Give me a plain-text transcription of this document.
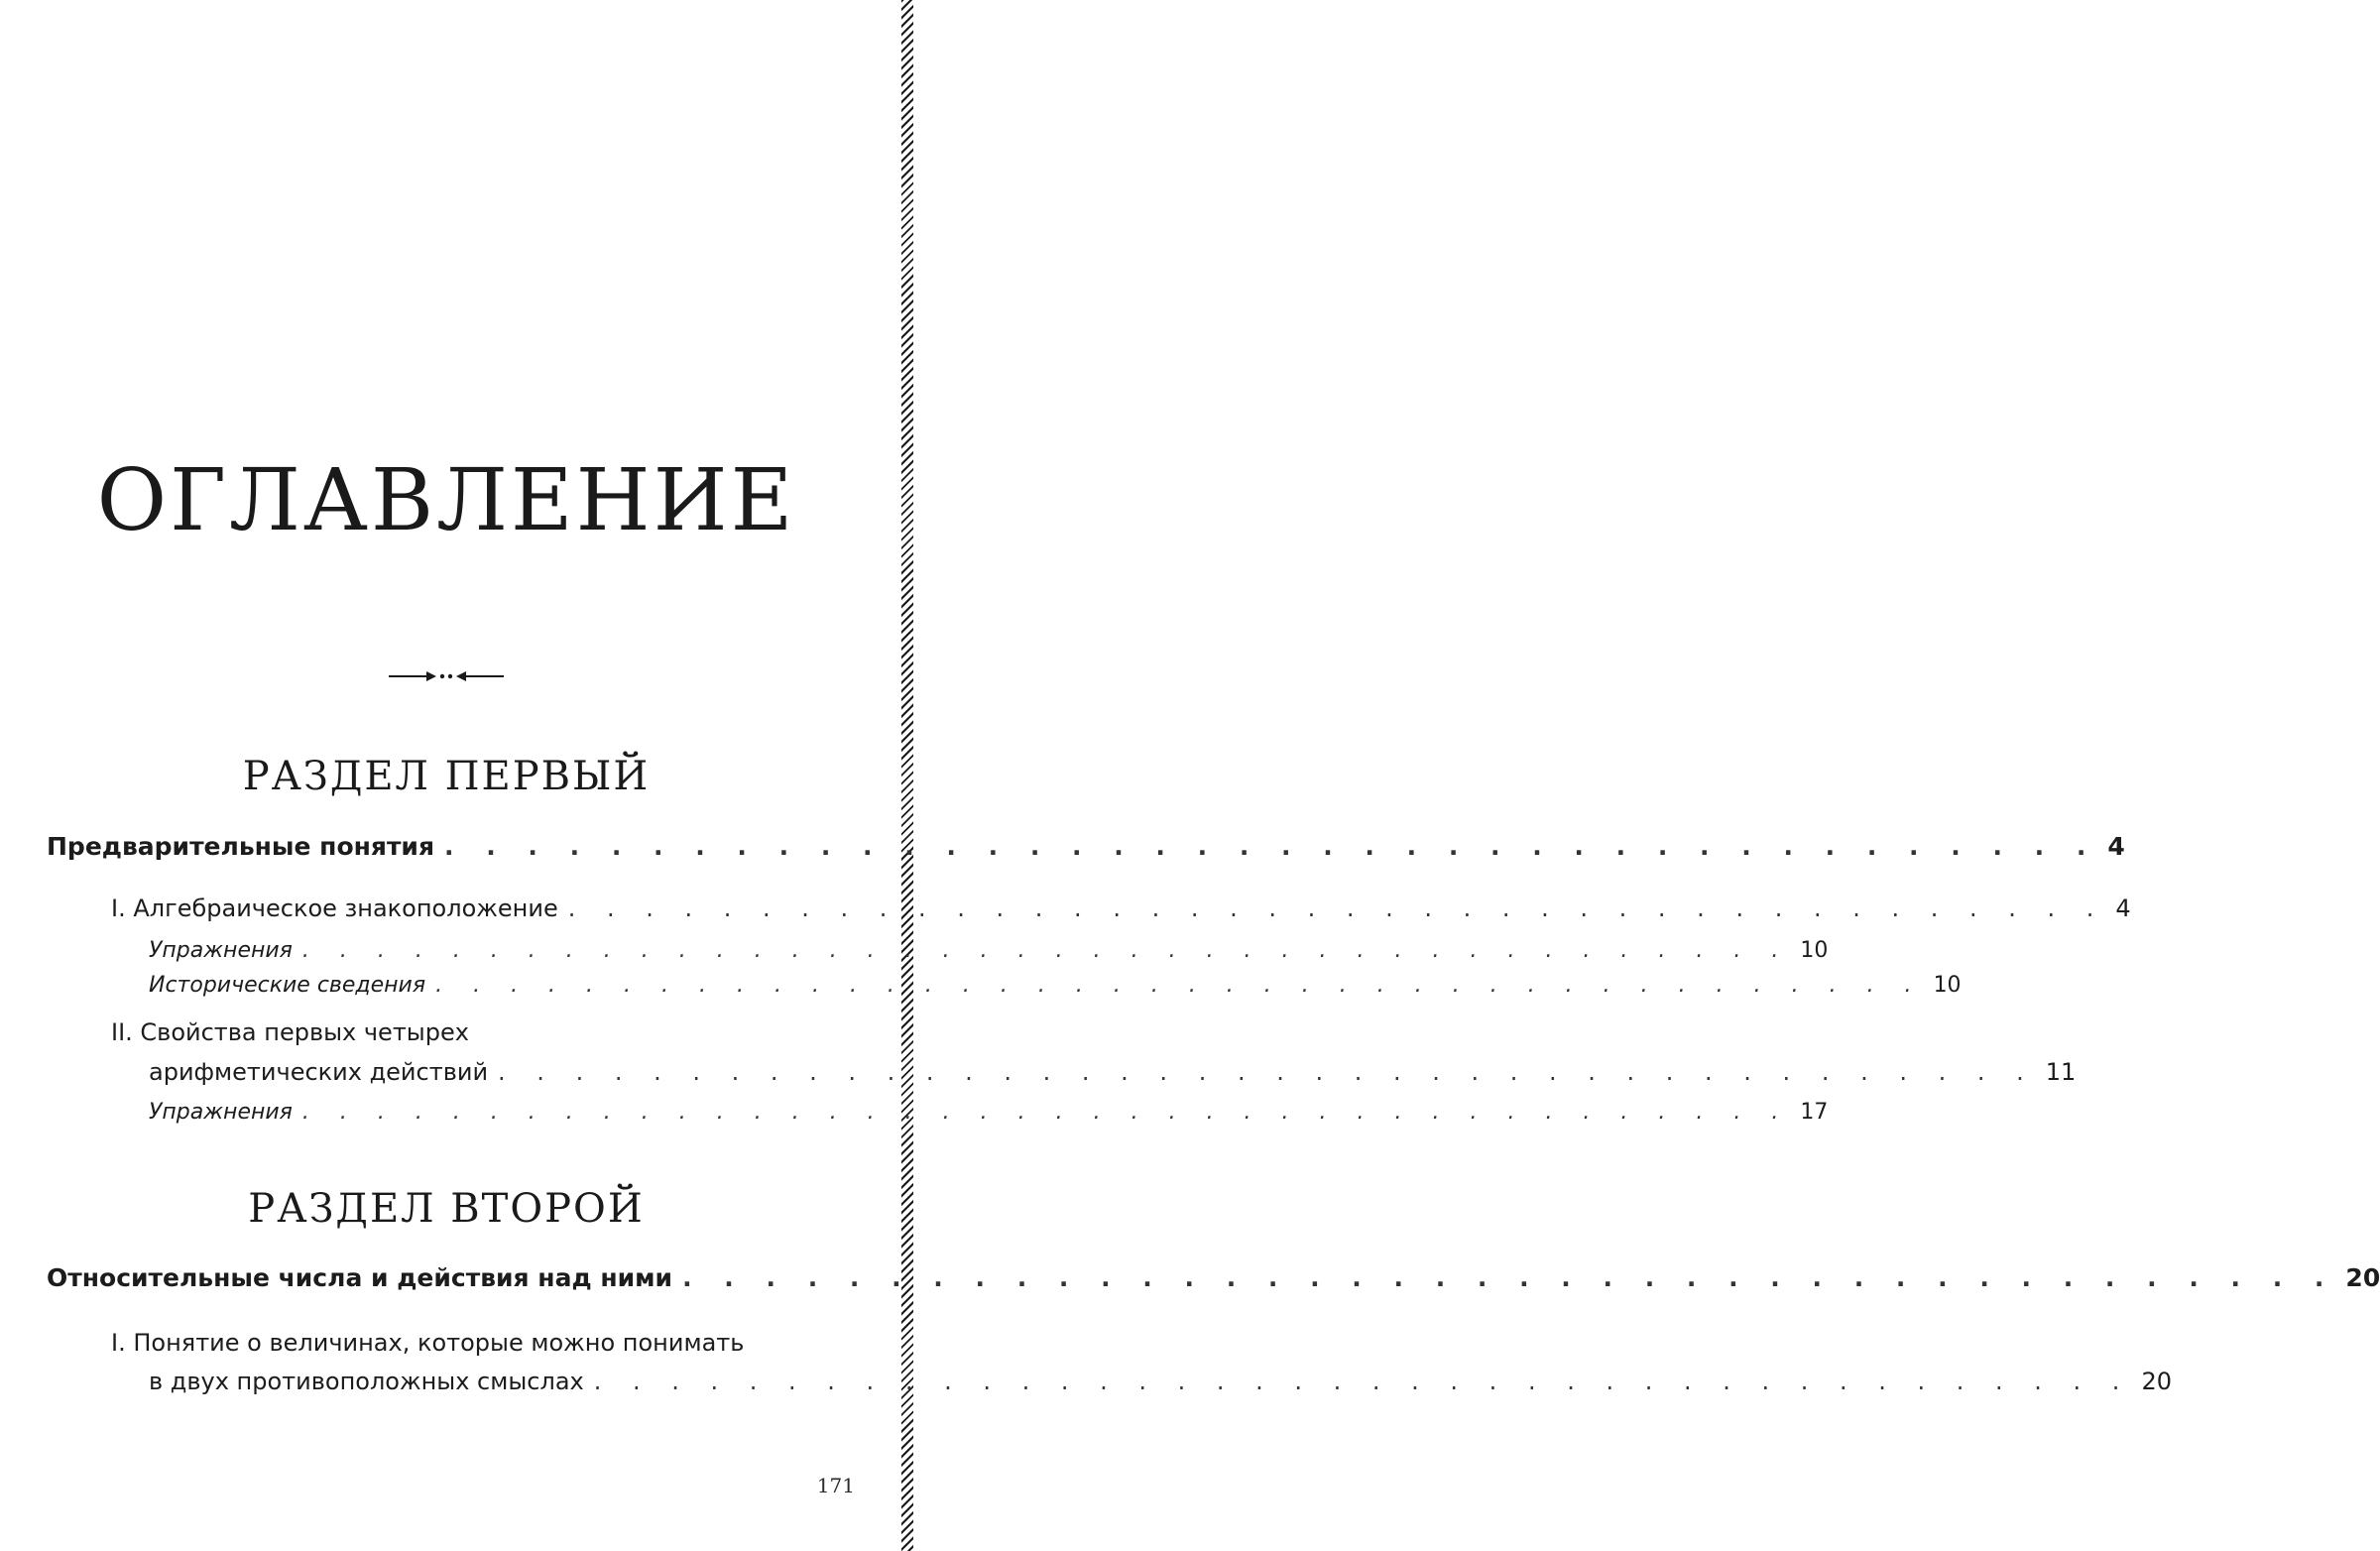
ОГЛАВЛЕНИЕ
РАЗДЕЛ ПЕРВЫЙ
Предварительные понятия . . . . . . . . . . . . . . . . . . . . . . . . . . . . . . . . . . . . . . . . 4
I. Алгебраическое знакоположение . . . . . . . . . . . . . . . . . . . . . . . . . . . . . . . . . . . . . . . . 4
Упражнения . . . . . . . . . . . . . . . . . . . . . . . . . . . . . . . . . . . . . . . . 10
Исторические сведения . . . . . . . . . . . . . . . . . . . . . . . . . . . . . . . . . . . . . . . . 10
II. Свойства первых четырех
арифметических действий . . . . . . . . . . . . . . . . . . . . . . . . . . . . . . . . . . . . . . . . 11
Упражнения . . . . . . . . . . . . . . . . . . . . . . . . . . . . . . . . . . . . . . . . 17
РАЗДЕЛ ВТОРОЙ
Относительные числа и действия над ними . . . . . . . . . . . . . . . . . . . . . . . . . . . . . . . . . . . . . . . . 20
I. Понятие о величинах, которые можно понимать
в двух противоположных смыслах . . . . . . . . . . . . . . . . . . . . . . . . . . . . . . . . . . . . . . . . 20
171
